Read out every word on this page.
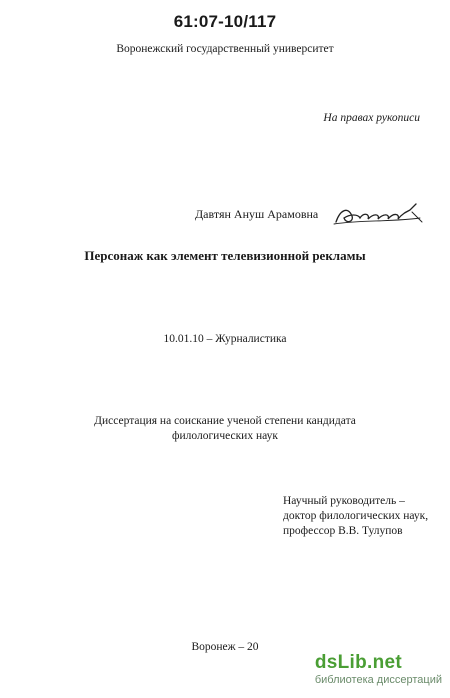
61:07-10/117
Воронежский государственный университет
На правах рукописи
Давтян Ануш Арамовна
Персонаж как элемент телевизионной рекламы
10.01.10 – Журналистика
Диссертация на соискание ученой степени кандидата
филологических наук
Научный руководитель –
доктор филологических наук,
профессор В.В. Тулупов
Воронеж – 20
dsLib.net
библиотека диссертаций
